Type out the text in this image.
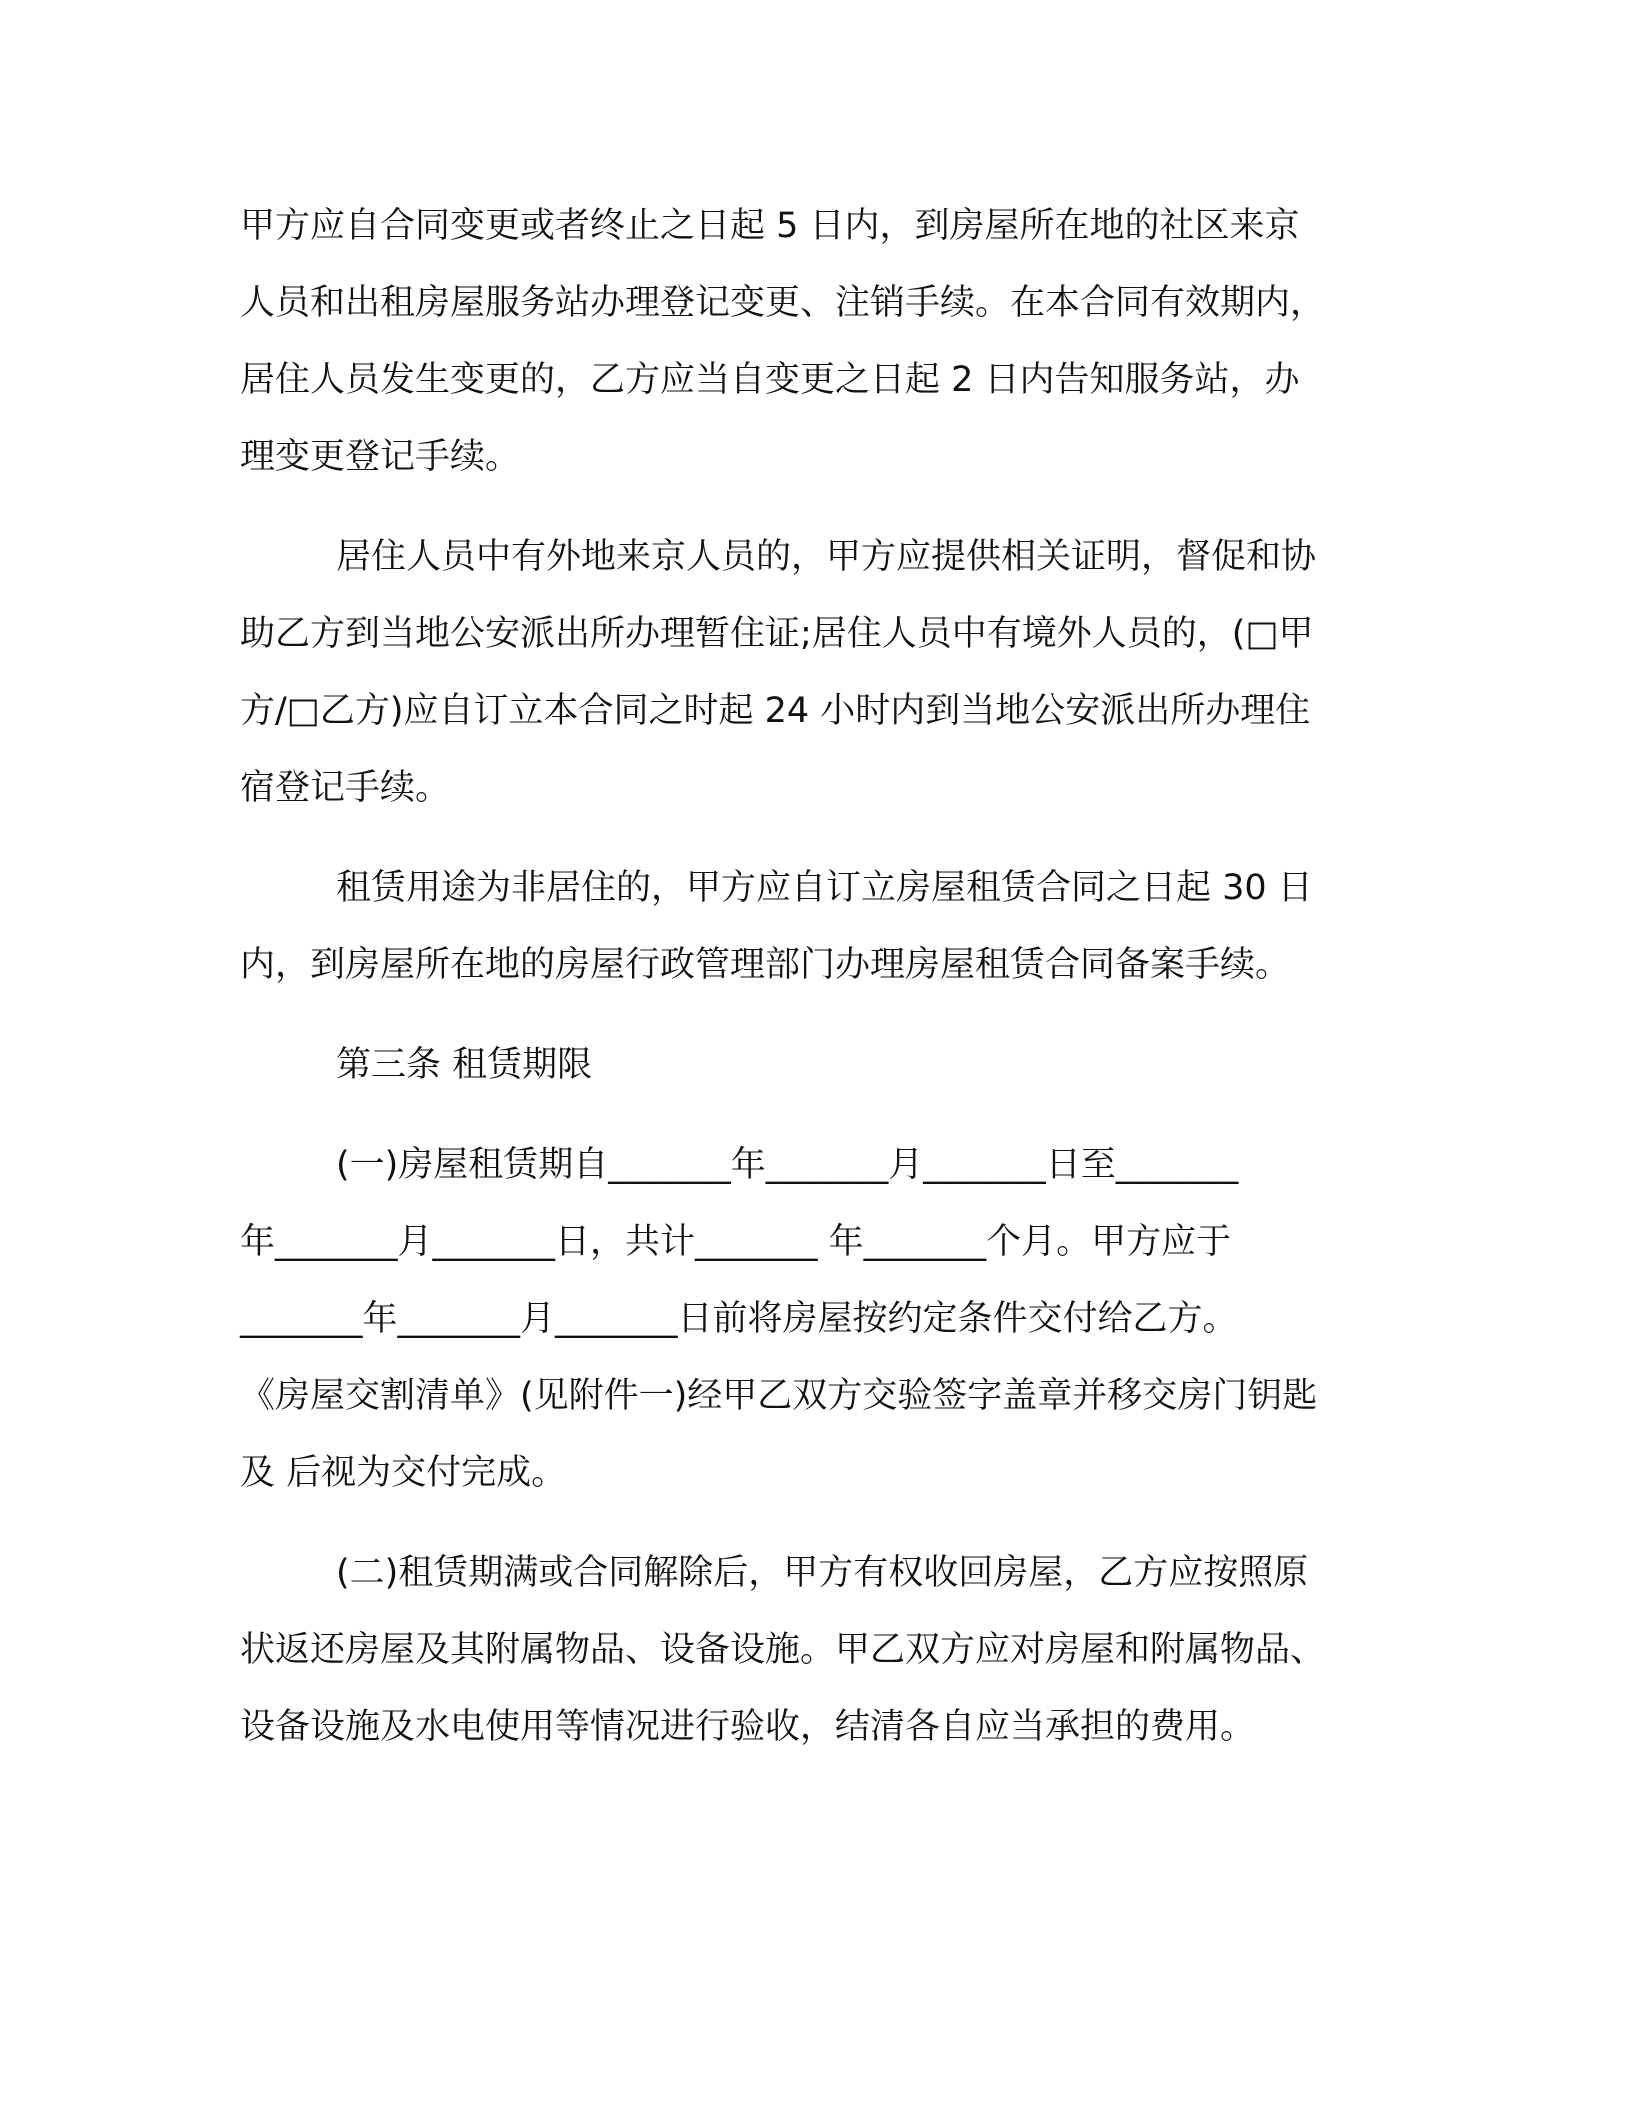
甲方应自合同变更或者终止之日起 5 日内，到房屋所在地的社区来京
人员和出租房屋服务站办理登记变更、注销手续。在本合同有效期内，
居住人员发生变更的，乙方应当自变更之日起 2 日内告知服务站，办
理变更登记手续。

居住人员中有外地来京人员的，甲方应提供相关证明，督促和协
助乙方到当地公安派出所办理暂住证;居住人员中有境外人员的，(□甲
方/□乙方)应自订立本合同之时起 24 小时内到当地公安派出所办理住
宿登记手续。

租赁用途为非居住的，甲方应自订立房屋租赁合同之日起 30 日
内，到房屋所在地的房屋行政管理部门办理房屋租赁合同备案手续。

第三条 租赁期限

(一)房屋租赁期自_______年_______月_______日至_______
年_______月_______日，共计_______ 年_______个月。甲方应于
_______年_______月_______日前将房屋按约定条件交付给乙方。
《房屋交割清单》(见附件一)经甲乙双方交验签字盖章并移交房门钥匙
及 后视为交付完成。

(二)租赁期满或合同解除后，甲方有权收回房屋，乙方应按照原
状返还房屋及其附属物品、设备设施。甲乙双方应对房屋和附属物品、
设备设施及水电使用等情况进行验收，结清各自应当承担的费用。
